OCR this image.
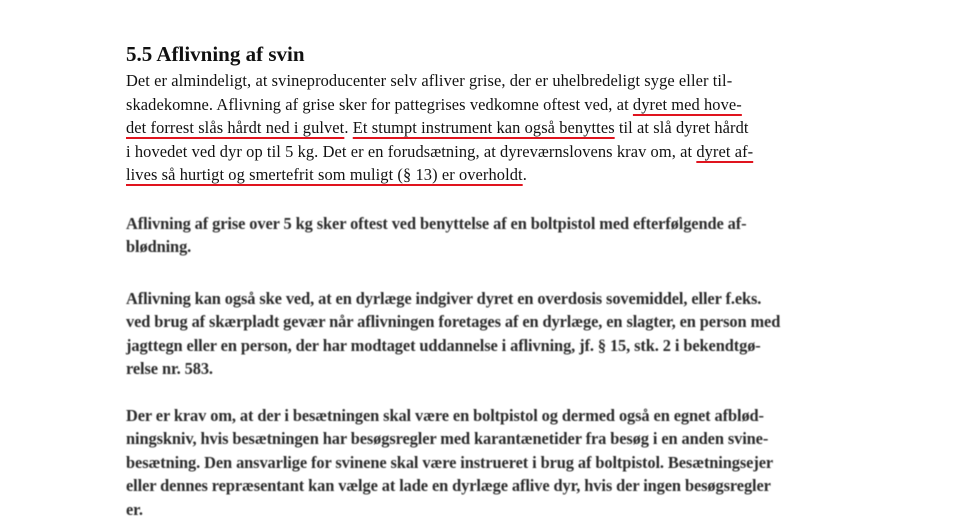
5.5 Aflivning af svin
Det er almindeligt, at svineproducenter selv afliver grise, der er uhelbredeligt syge eller til-
skadekomne. Aflivning af grise sker for pattegrises vedkomne oftest ved, at dyret med hove-
det forrest slås hårdt ned i gulvet. Et stumpt instrument kan også benyttes til at slå dyret hårdt
i hovedet ved dyr op til 5 kg. Det er en forudsætning, at dyreværnslovens krav om, at dyret af-
lives så hurtigt og smertefrit som muligt (§ 13) er overholdt.
Aflivning af grise over 5 kg sker oftest ved benyttelse af en boltpistol med efterfølgende af-
blødning.
Aflivning kan også ske ved, at en dyrlæge indgiver dyret en overdosis sovemiddel, eller f.eks.
ved brug af skærpladt gevær når aflivningen foretages af en dyrlæge, en slagter, en person med
jagttegn eller en person, der har modtaget uddannelse i aflivning, jf. § 15, stk. 2 i bekendtgø-
relse nr. 583.
Der er krav om, at der i besætningen skal være en boltpistol og dermed også en egnet afblød-
ningskniv, hvis besætningen har besøgsregler med karantænetider fra besøg i en anden svine-
besætning. Den ansvarlige for svinene skal være instrueret i brug af boltpistol. Besætningsejer
eller dennes repræsentant kan vælge at lade en dyrlæge aflive dyr, hvis der ingen besøgsregler
er.
